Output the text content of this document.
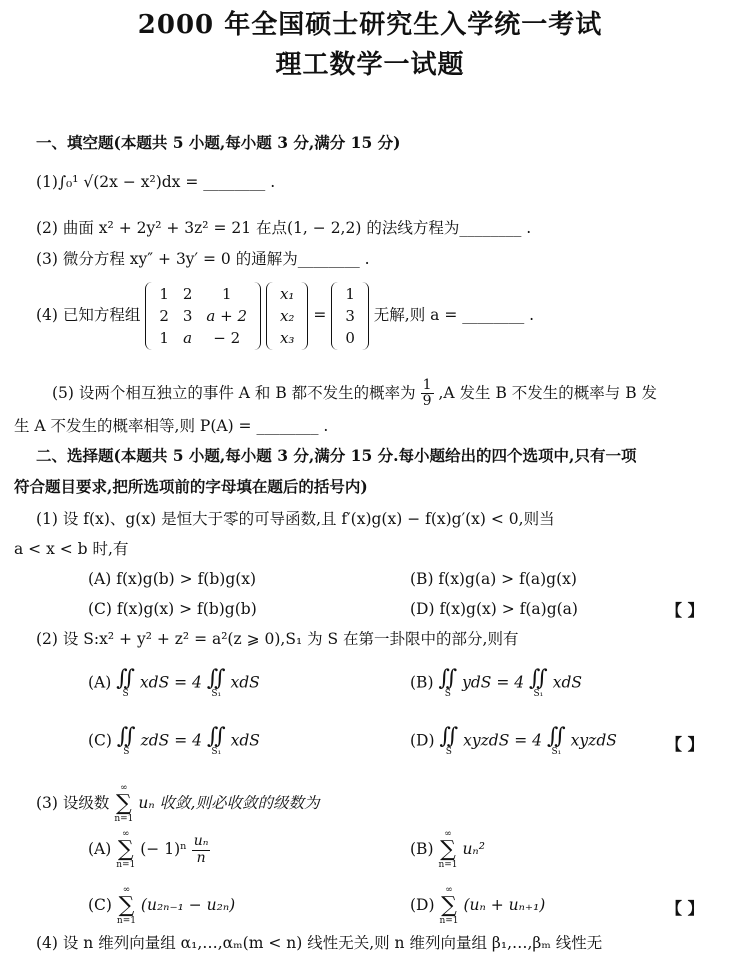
2000 年全国硕士研究生入学统一考试
理工数学一试题
一、填空题(本题共 5 小题,每小题 3 分,满分 15 分)
(1)∫₀¹ √(2x − x²)dx = ________ .
(2) 曲面 x² + 2y² + 3z² = 21 在点(1, − 2,2) 的法线方程为________ .
(3) 微分方程 xy″ + 3y′ = 0 的通解为________ .
(4) 已知方程组
1	2	1
2	3	a + 2
1	a	− 2

x₁
x₂
x₃
=
1
3
0
无解,则 a = ________ .
(5) 设两个相互独立的事件 A 和 B 都不发生的概率为 $\frac{1}{9} ,A$ 发生 B 不发生的概率与 B 发
生 A 不发生的概率相等,则 P(A) = ________ .
二、选择题(本题共 5 小题,每小题 3 分,满分 15 分.每小题给出的四个选项中,只有一项
符合题目要求,把所选项前的字母填在题后的括号内)
(1) 设 f(x)、g(x) 是恒大于零的可导函数,且 f′(x)g(x) − f(x)g′(x) < 0,则当
a < x < b 时,有
(A) f(x)g(b) > f(b)g(x)	(B) f(x)g(a) > f(a)g(x)
(C) f(x)g(x) > f(b)g(b)	(D) f(x)g(x) > f(a)g(a)	【 】
(2) 设 S:x² + y² + z² = a²(z ⩾ 0),S₁ 为 S 在第一卦限中的部分,则有
(A) ∬
S
xdS = 4 ∬
S₁
xdS	(B) ∬
S
ydS = 4 ∬
S₁
xdS
(C) ∬
S
zdS = 4 ∬
S₁
xdS	(D) ∬
S
xyzdS = 4 ∬
S₁
xyzdS	【 】
(3) 设级数
∞
∑
n=1
uₙ 收敛,则必收敛的级数为
(A)
∞
∑
n=1
(− $1)^n \frac{\text{uₙ}}{n}$	(B)
∞
∑
n=1
uₙ²
(C)
∞
∑
n=1
(u₂ₙ₋₁ − u₂ₙ)	(D)
∞
∑
n=1
(uₙ + uₙ₊₁)	【 】
(4) 设 n 维列向量组 α₁,…,αₘ(m < n) 线性无关,则 n 维列向量组 β₁,…,βₘ 线性无
